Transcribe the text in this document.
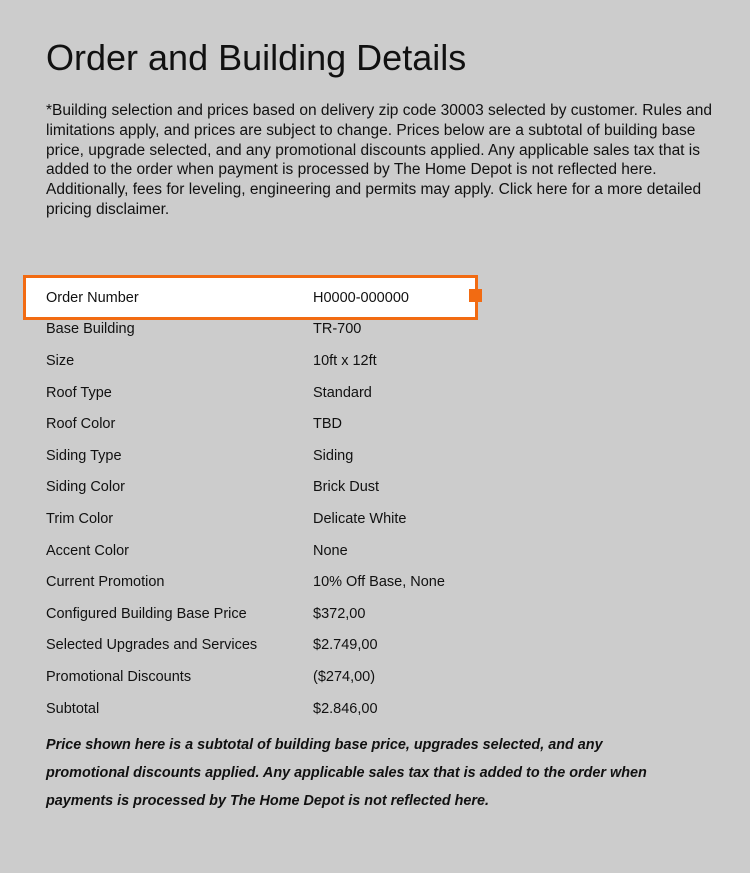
Order and Building Details

*Building selection and prices based on delivery zip code 30003 selected by customer. Rules and limitations apply, and prices are subject to change. Prices below are a subtotal of building base price, upgrade selected, and any promotional discounts applied. Any applicable sales tax that is added to the order when payment is processed by The Home Depot is not reflected here. Additionally, fees for leveling, engineering and permits may apply. Click here for a more detailed pricing disclaimer.

Order Number	H0000-000000
Base Building	TR-700
Size	10ft x 12ft
Roof Type	Standard
Roof Color	TBD
Siding Type	Siding
Siding Color	Brick Dust
Trim Color	Delicate White
Accent Color	None
Current Promotion	10% Off Base, None
Configured Building Base Price	$372,00
Selected Upgrades and Services	$2.749,00
Promotional Discounts	($274,00)
Subtotal	$2.846,00

Price shown here is a subtotal of building base price, upgrades selected, and any promotional discounts applied. Any applicable sales tax that is added to the order when payments is processed by The Home Depot is not reflected here.
